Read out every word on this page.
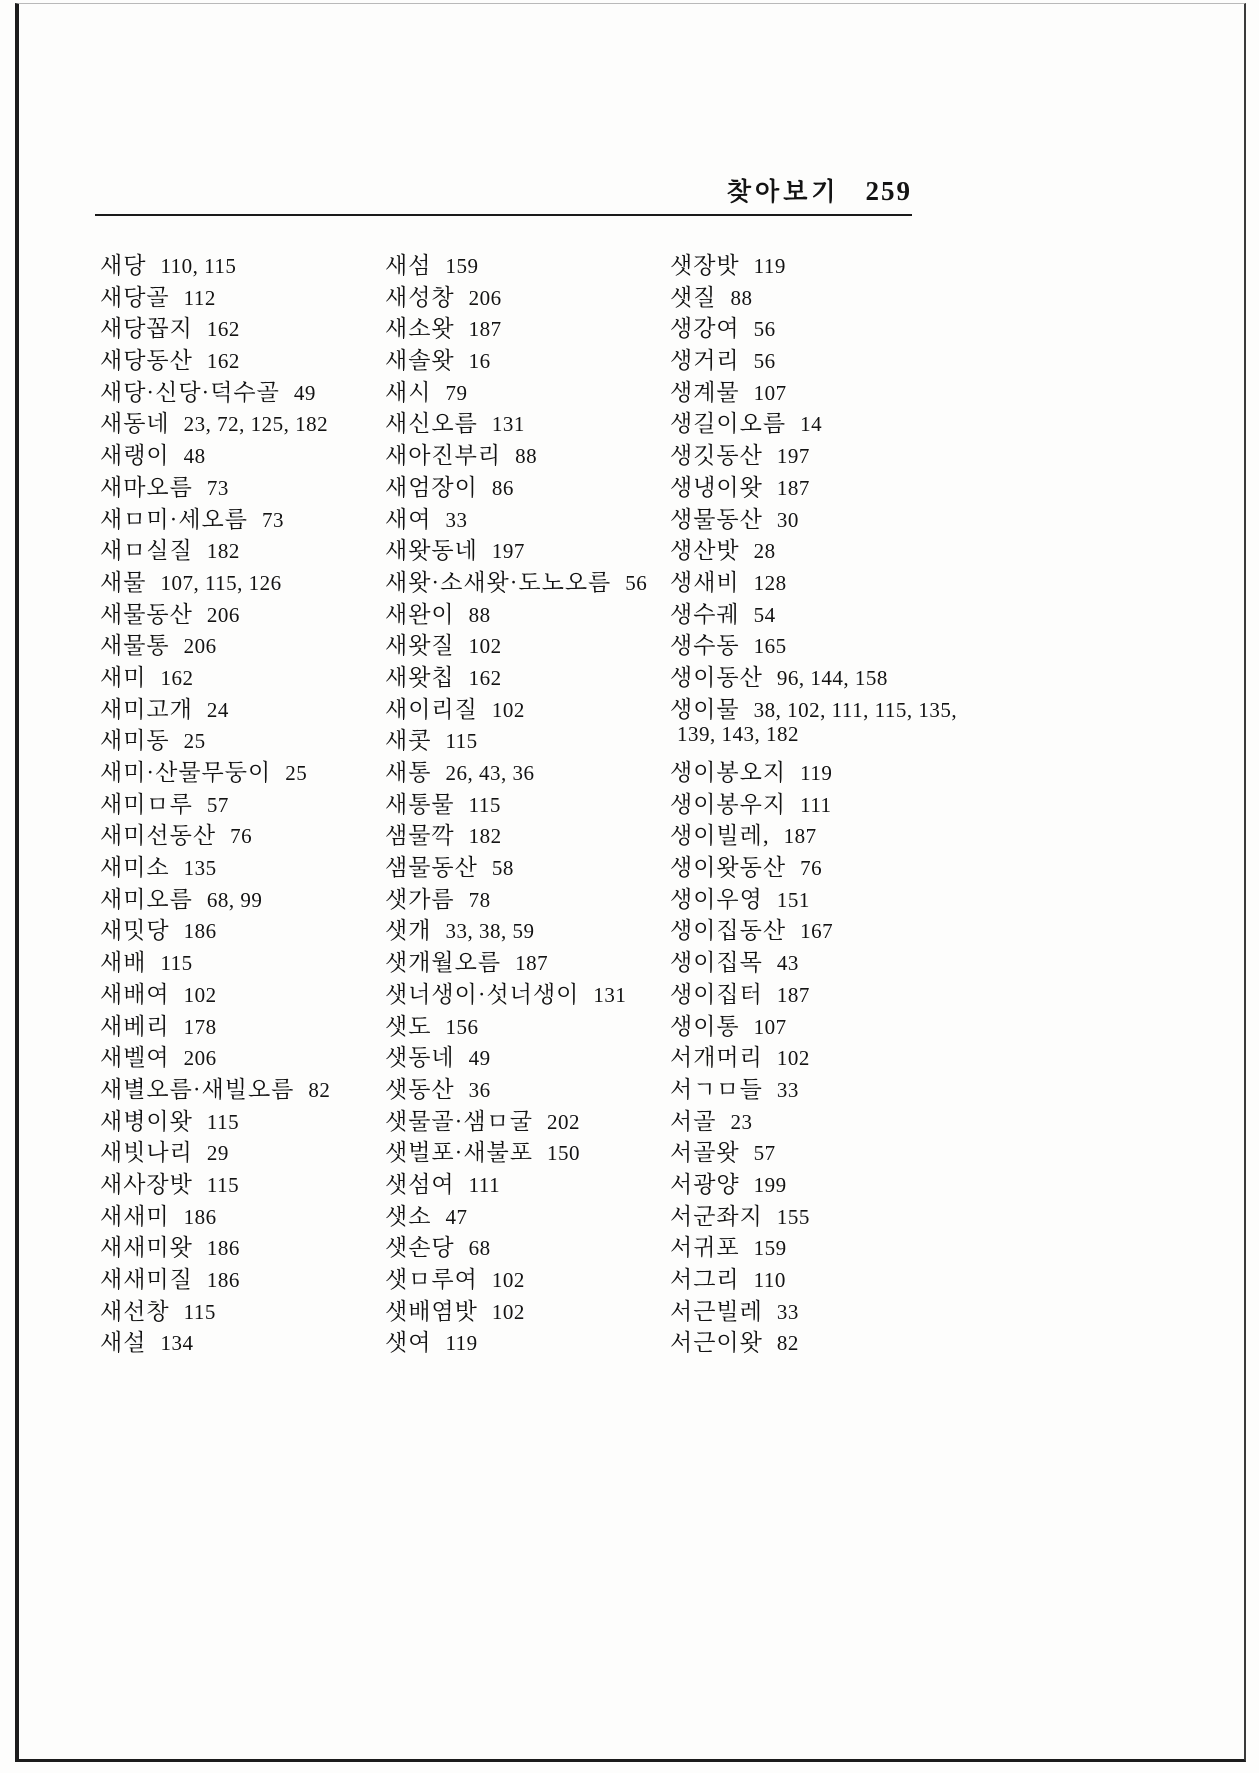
찾아보기 259
새당 110, 115
새당골 112
새당꼽지 162
새당동산 162
새당·신당·덕수골 49
새동네 23, 72, 125, 182
새랭이 48
새마오름 73
새ㅁ미·세오름 73
새ㅁ실질 182
새물 107, 115, 126
새물동산 206
새물통 206
새미 162
새미고개 24
새미동 25
새미·산물무둥이 25
새미ㅁ루 57
새미선동산 76
새미소 135
새미오름 68, 99
새밋당 186
새배 115
새배여 102
새베리 178
새벨여 206
새별오름·새빌오름 82
새병이왓 115
새빗나리 29
새사장밧 115
새새미 186
새새미왓 186
새새미질 186
새선창 115
새설 134
새섬 159
새성창 206
새소왓 187
새솔왓 16
새시 79
새신오름 131
새아진부리 88
새엄장이 86
새여 33
새왓동네 197
새왓·소새왓·도노오름 56
새완이 88
새왓질 102
새왓칩 162
새이리질 102
새콧 115
새통 26, 43, 36
새통물 115
샘물깍 182
샘물동산 58
샛가름 78
샛개 33, 38, 59
샛개월오름 187
샛너생이·섯너생이 131
샛도 156
샛동네 49
샛동산 36
샛물골·샘ㅁ굴 202
샛벌포·새불포 150
샛섬여 111
샛소 47
샛손당 68
샛ㅁ루여 102
샛배염밧 102
샛여 119
샛장밧 119
샛질 88
생강여 56
생거리 56
생계물 107
생길이오름 14
생깃동산 197
생냉이왓 187
생물동산 30
생산밧 28
생새비 128
생수궤 54
생수동 165
생이동산 96, 144, 158
생이물 38, 102, 111, 115, 135,
139, 143, 182
생이봉오지 119
생이봉우지 111
생이빌레, 187
생이왓동산 76
생이우영 151
생이집동산 167
생이집목 43
생이집터 187
생이통 107
서개머리 102
서ㄱㅁ들 33
서골 23
서골왓 57
서광양 199
서군좌지 155
서귀포 159
서그리 110
서근빌레 33
서근이왓 82
